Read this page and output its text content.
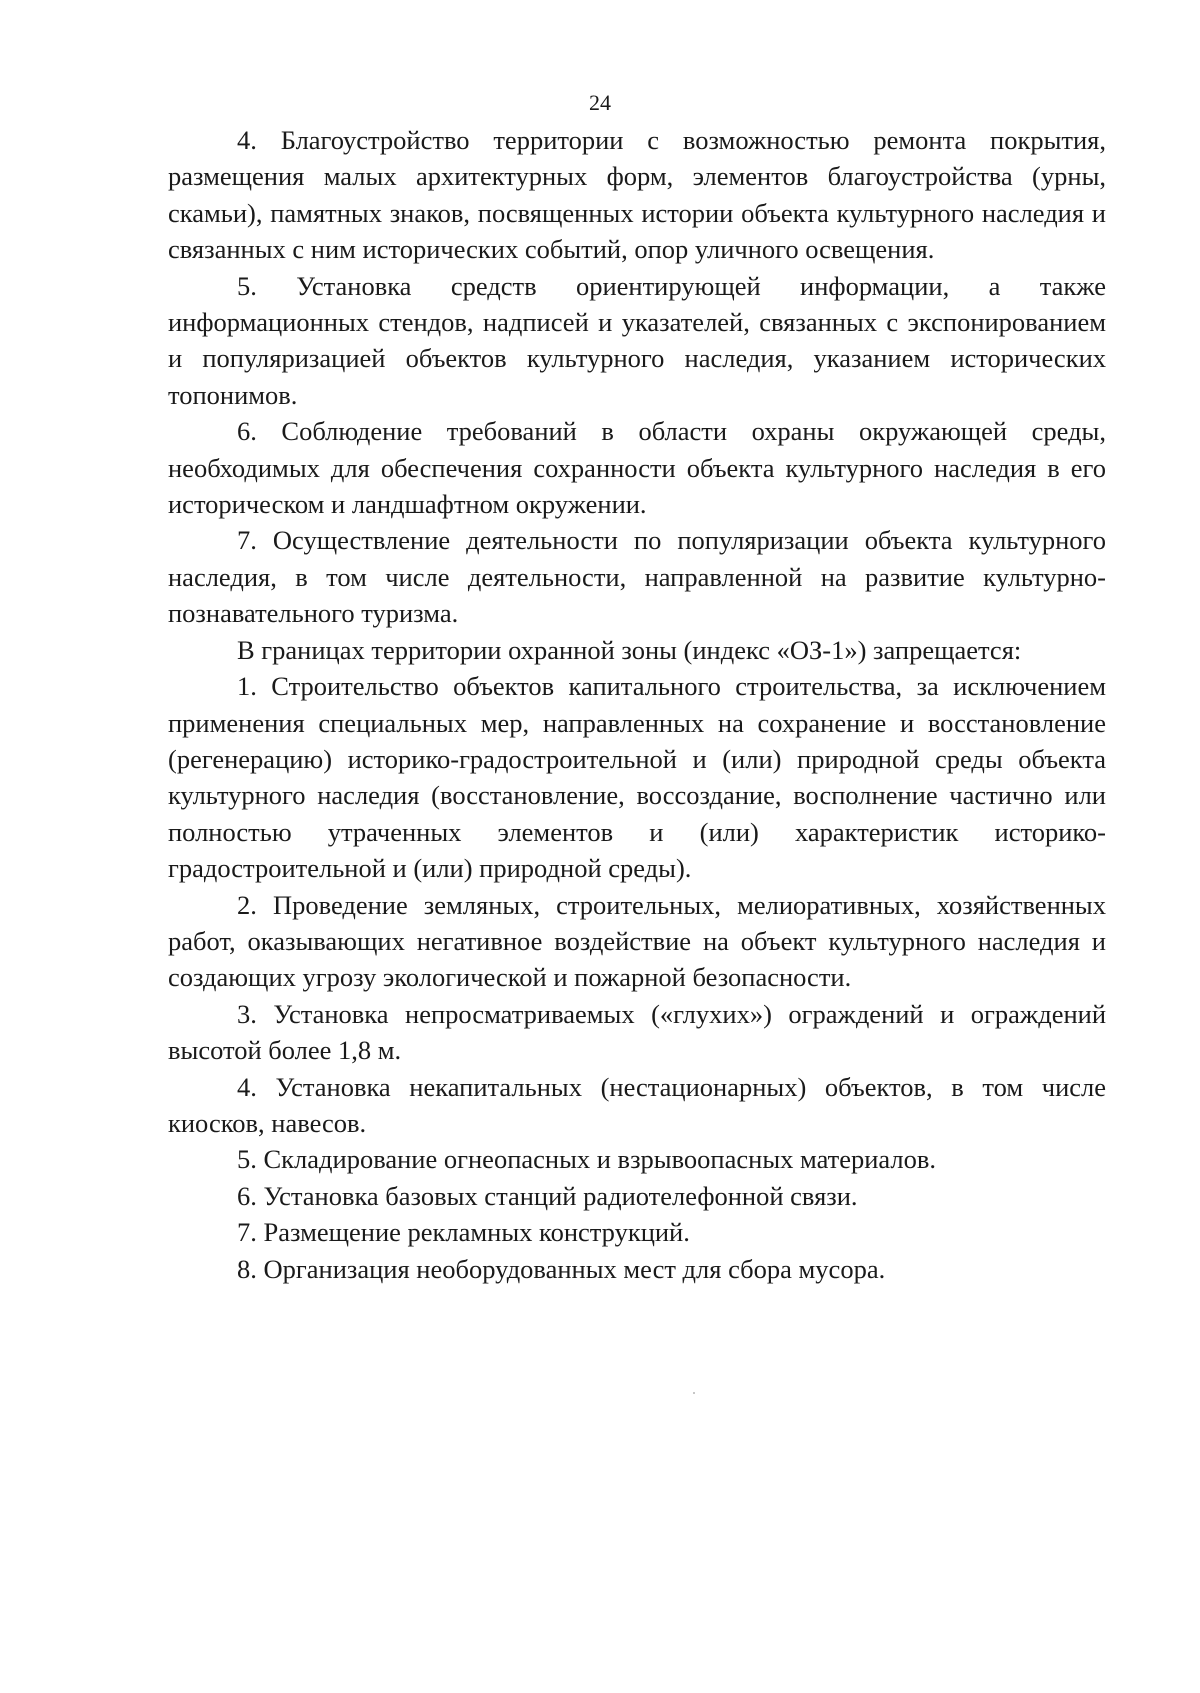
24

4. Благоустройство территории с возможностью ремонта покрытия, размещения малых архитектурных форм, элементов благоустройства (урны, скамьи), памятных знаков, посвященных истории объекта культурного наследия и связанных с ним исторических событий, опор уличного освещения.

5. Установка средств ориентирующей информации, а также информационных стендов, надписей и указателей, связанных с экспонированием и популяризацией объектов культурного наследия, указанием исторических топонимов.

6. Соблюдение требований в области охраны окружающей среды, необходимых для обеспечения сохранности объекта культурного наследия в его историческом и ландшафтном окружении.

7. Осуществление деятельности по популяризации объекта культурного наследия, в том числе деятельности, направленной на развитие культурно-познавательного туризма.

В границах территории охранной зоны (индекс «ОЗ-1») запрещается:

1. Строительство объектов капитального строительства, за исключением применения специальных мер, направленных на сохранение и восстановление (регенерацию) историко-градостроительной и (или) природной среды объекта культурного наследия (восстановление, воссоздание, восполнение частично или полностью утраченных элементов и (или) характеристик историко-градостроительной и (или) природной среды).

2. Проведение земляных, строительных, мелиоративных, хозяйственных работ, оказывающих негативное воздействие на объект культурного наследия и создающих угрозу экологической и пожарной безопасности.

3. Установка непросматриваемых («глухих») ограждений и ограждений высотой более 1,8 м.

4. Установка некапитальных (нестационарных) объектов, в том числе киосков, навесов.

5. Складирование огнеопасных и взрывоопасных материалов.

6. Установка базовых станций радиотелефонной связи.

7. Размещение рекламных конструкций.

8. Организация необорудованных мест для сбора мусора.
